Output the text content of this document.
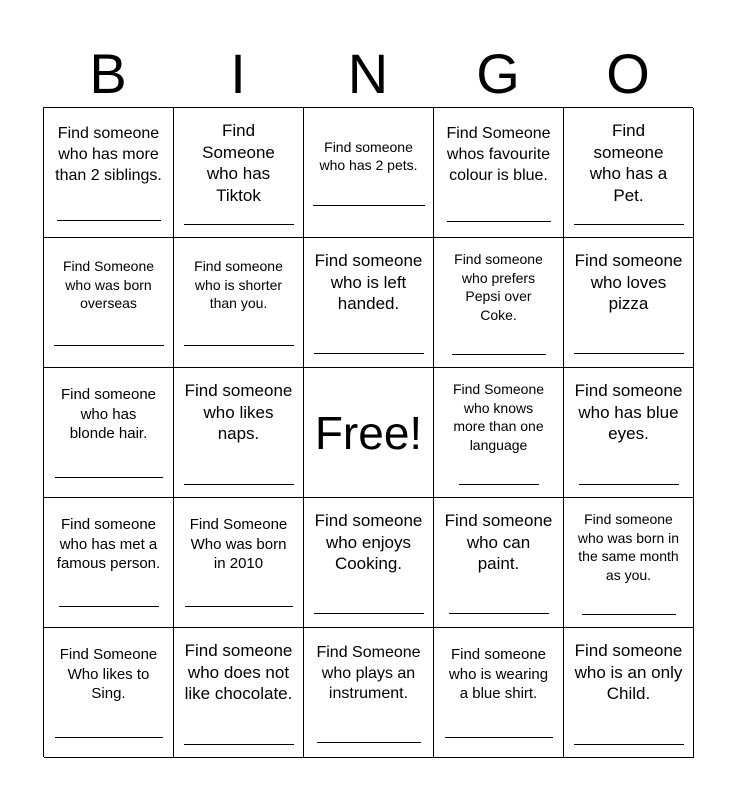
B	I	N	G	O
Find someone
who has more
than 2 siblings.
Find
Someone
who has
Tiktok
Find someone
who has 2 pets.
Find Someone
whos favourite
colour is blue.
Find
someone
who has a
Pet.
Find Someone
who was born
overseas
Find someone
who is shorter
than you.
Find someone
who is left
handed.
Find someone
who prefers
Pepsi over
Coke.
Find someone
who loves
pizza
Find someone
who has
blonde hair.
Find someone
who likes
naps.	Free!
Find Someone
who knows
more than one
language
Find someone
who has blue
eyes.
Find someone
who has met a
famous person.
Find Someone
Who was born
in 2010
Find someone
who enjoys
Cooking.
Find someone
who can
paint.
Find someone
who was born in
the same month
as you.
Find Someone
Who likes to
Sing.
Find someone
who does not
like chocolate.
Find Someone
who plays an
instrument.
Find someone
who is wearing
a blue shirt.
Find someone
who is an only
Child.
